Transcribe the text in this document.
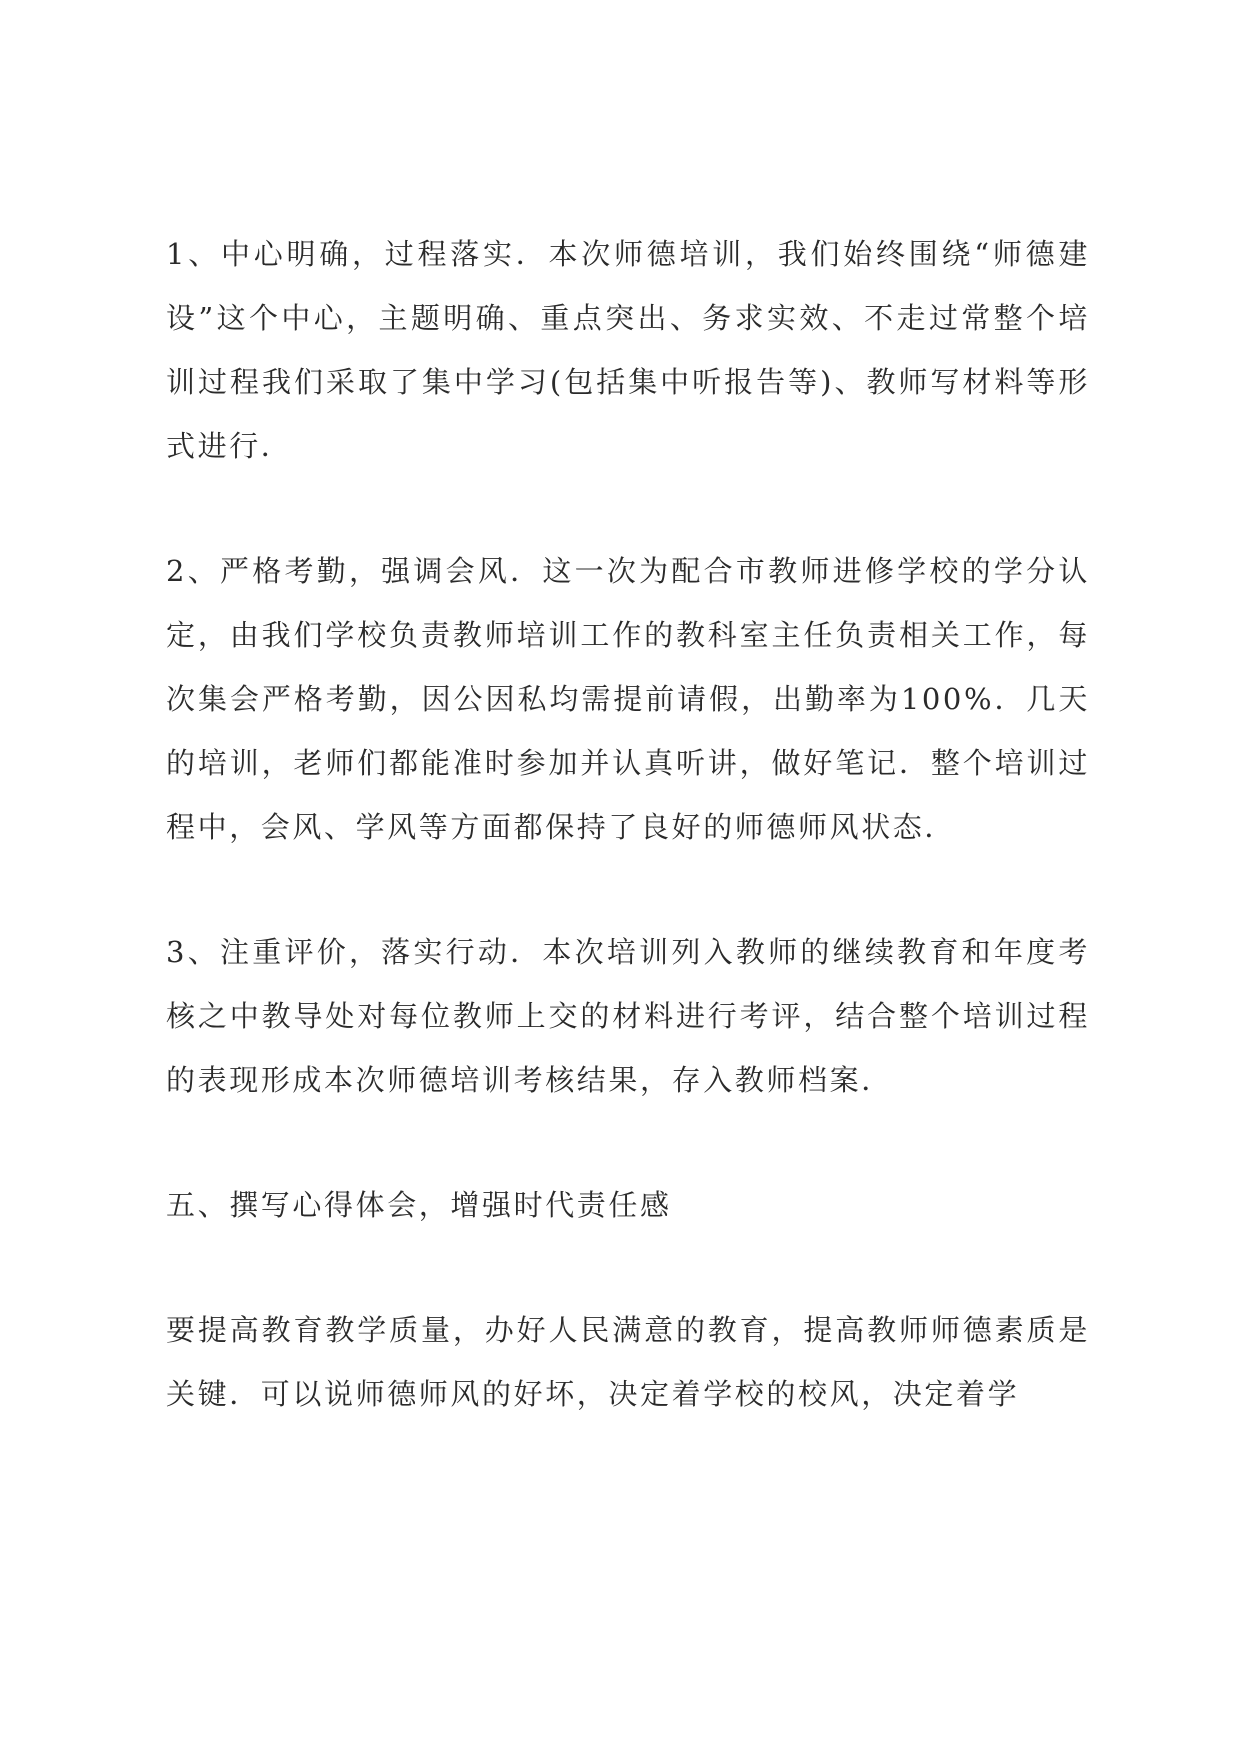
1、中心明确，过程落实．本次师德培训，我们始终围绕“师德建设”这个中心，主题明确、重点突出、务求实效、不走过常整个培训过程我们采取了集中学习(包括集中听报告等)、教师写材料等形式进行．

2、严格考勤，强调会风．这一次为配合市教师进修学校的学分认定，由我们学校负责教师培训工作的教科室主任负责相关工作，每次集会严格考勤，因公因私均需提前请假，出勤率为100%．几天的培训，老师们都能准时参加并认真听讲，做好笔记．整个培训过程中，会风、学风等方面都保持了良好的师德师风状态．

3、注重评价，落实行动．本次培训列入教师的继续教育和年度考核之中教导处对每位教师上交的材料进行考评，结合整个培训过程的表现形成本次师德培训考核结果，存入教师档案．

五、撰写心得体会，增强时代责任感

要提高教育教学质量，办好人民满意的教育，提高教师师德素质是关键．可以说师德师风的好坏，决定着学校的校风，决定着学
